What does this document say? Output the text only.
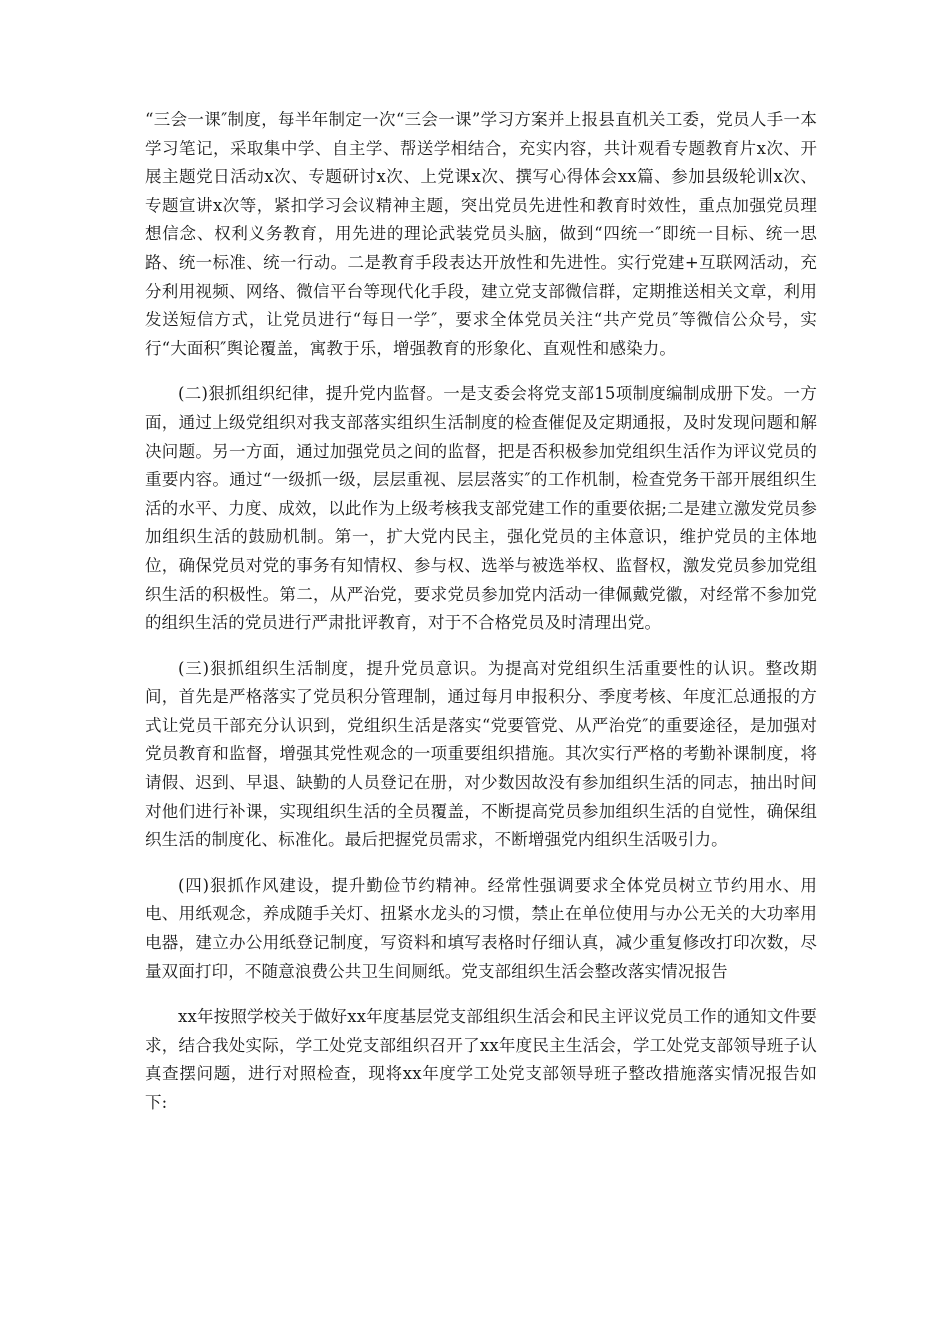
“三会一课″制度，每半年制定一次“三会一课”学习方案并上报县直机关工委，党员人手一本学习笔记，采取集中学、自主学、帮送学相结合，充实内容，共计观看专题教育片x次、开展主题党日活动x次、专题研讨x次、上党课x次、撰写心得体会xx篇、参加县级轮训x次、专题宣讲x次等，紧扣学习会议精神主题，突出党员先进性和教育时效性，重点加强党员理想信念、权利义务教育，用先进的理论武装党员头脑，做到“四统一″即统一目标、统一思路、统一标准、统一行动。二是教育手段表达开放性和先进性。实行党建+互联网活动，充分利用视频、网络、微信平台等现代化手段，建立党支部微信群，定期推送相关文章，利用发送短信方式，让党员进行“每日一学″，要求全体党员关注“共产党员″等微信公众号，实行“大面积″舆论覆盖，寓教于乐，增强教育的形象化、直观性和感染力。

(二)狠抓组织纪律，提升党内监督。一是支委会将党支部15项制度编制成册下发。一方面，通过上级党组织对我支部落实组织生活制度的检查催促及定期通报，及时发现问题和解决问题。另一方面，通过加强党员之间的监督，把是否积极参加党组织生活作为评议党员的重要内容。通过“一级抓一级，层层重视、层层落实″的工作机制，检查党务干部开展组织生活的水平、力度、成效，以此作为上级考核我支部党建工作的重要依据;二是建立激发党员参加组织生活的鼓励机制。第一，扩大党内民主，强化党员的主体意识，维护党员的主体地位，确保党员对党的事务有知情权、参与权、选举与被选举权、监督权，激发党员参加党组织生活的积极性。第二，从严治党，要求党员参加党内活动一律佩戴党徽，对经常不参加党的组织生活的党员进行严肃批评教育，对于不合格党员及时清理出党。

(三)狠抓组织生活制度，提升党员意识。为提高对党组织生活重要性的认识。整改期间，首先是严格落实了党员积分管理制，通过每月申报积分、季度考核、年度汇总通报的方式让党员干部充分认识到，党组织生活是落实“党要管党、从严治党″的重要途径，是加强对党员教育和监督，增强其党性观念的一项重要组织措施。其次实行严格的考勤补课制度，将请假、迟到、早退、缺勤的人员登记在册，对少数因故没有参加组织生活的同志，抽出时间对他们进行补课，实现组织生活的全员覆盖，不断提高党员参加组织生活的自觉性，确保组织生活的制度化、标准化。最后把握党员需求，不断增强党内组织生活吸引力。

(四)狠抓作风建设，提升勤俭节约精神。经常性强调要求全体党员树立节约用水、用电、用纸观念，养成随手关灯、扭紧水龙头的习惯，禁止在单位使用与办公无关的大功率用电器，建立办公用纸登记制度，写资料和填写表格时仔细认真，减少重复修改打印次数，尽量双面打印，不随意浪费公共卫生间厕纸。党支部组织生活会整改落实情况报告

xx年按照学校关于做好xx年度基层党支部组织生活会和民主评议党员工作的通知文件要求，结合我处实际，学工处党支部组织召开了xx年度民主生活会，学工处党支部领导班子认真查摆问题，进行对照检查，现将xx年度学工处党支部领导班子整改措施落实情况报告如下:
